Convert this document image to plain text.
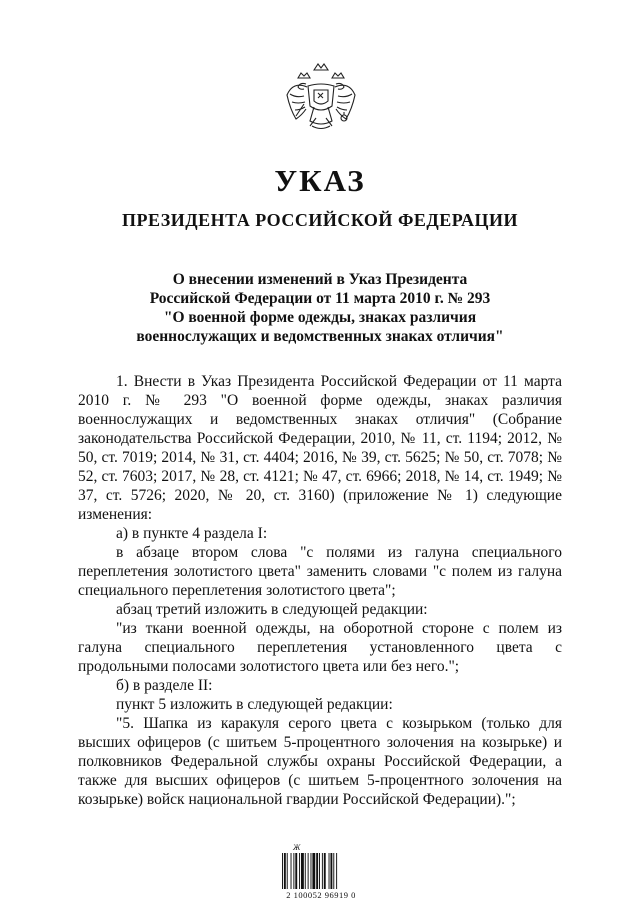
УКАЗ
ПРЕЗИДЕНТА РОССИЙСКОЙ ФЕДЕРАЦИИ
О внесении изменений в Указ Президента
Российской Федерации от 11 марта 2010 г. № 293
"О военной форме одежды, знаках различия
военнослужащих и ведомственных знаках отличия"

1. Внести в Указ Президента Российской Федерации от 11 марта 2010 г. № 293 "О военной форме одежды, знаках различия военнослужащих и ведомственных знаках отличия" (Собрание законодательства Российской Федерации, 2010, № 11, ст. 1194; 2012, № 50, ст. 7019; 2014, № 31, ст. 4404; 2016, № 39, ст. 5625; № 50, ст. 7078; № 52, ст. 7603; 2017, № 28, ст. 4121; № 47, ст. 6966; 2018, № 14, ст. 1949; № 37, ст. 5726; 2020, № 20, ст. 3160) (приложение № 1) следующие изменения:

а) в пункте 4 раздела I:

в абзаце втором слова "с полями из галуна специального переплетения золотистого цвета" заменить словами "с полем из галуна специального переплетения золотистого цвета";

абзац третий изложить в следующей редакции:

"из ткани военной одежды, на оборотной стороне с полем из галуна специального переплетения установленного цвета с продольными полосами золотистого цвета или без него.";

б) в разделе II:

пункт 5 изложить в следующей редакции:

"5. Шапка из каракуля серого цвета с козырьком (только для высших офицеров (с шитьем 5-процентного золочения на козырьке) и полковников Федеральной службы охраны Российской Федерации, а также для высших офицеров (с шитьем 5-процентного золочения на козырьке) войск национальной гвардии Российской Федерации).";

Ж
2 100052 96919 0
